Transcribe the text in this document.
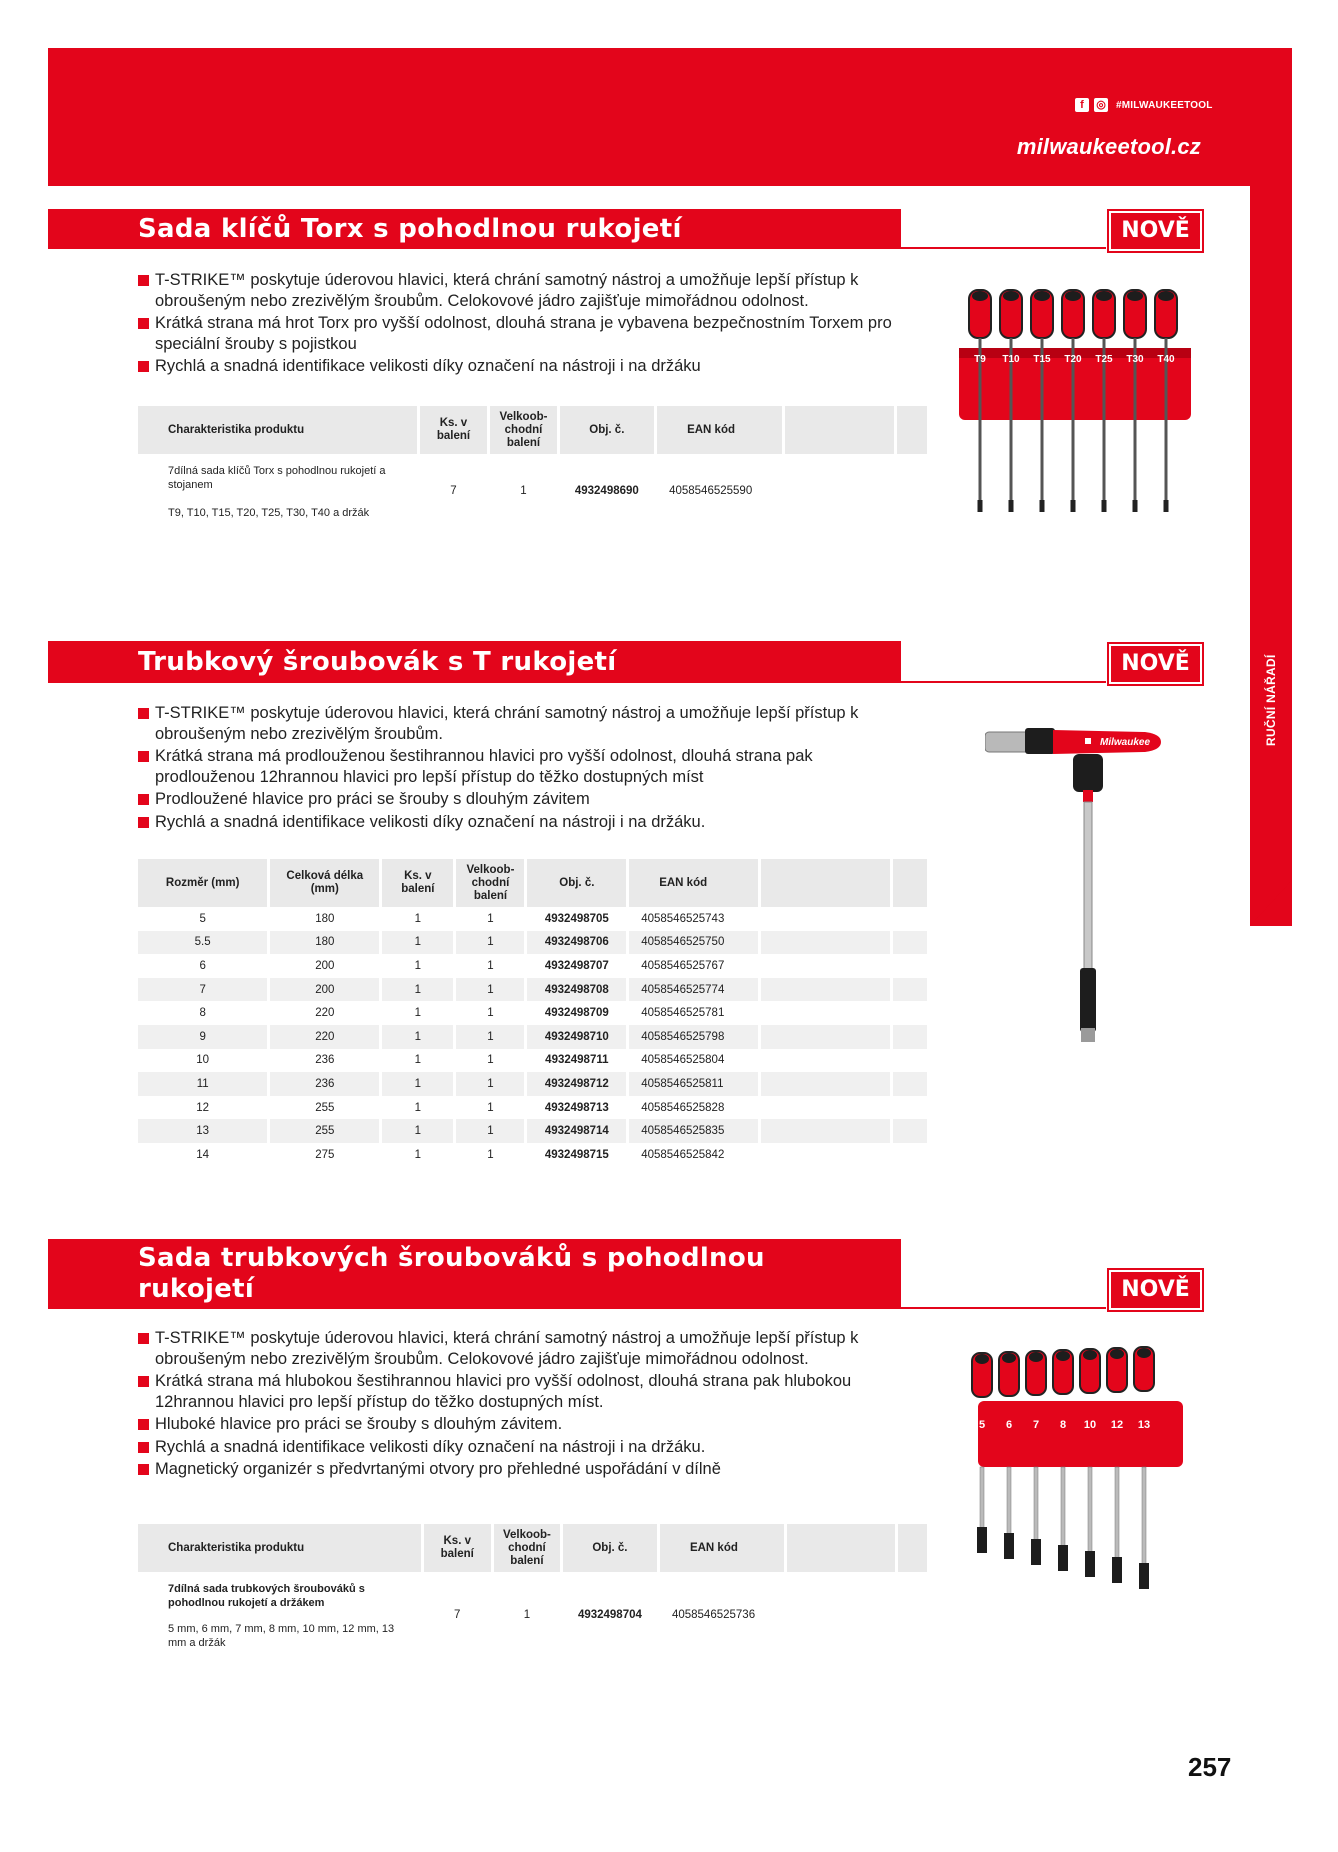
f	◎ #MILWAUKEETOOL
milwaukeetool.cz
RUČNÍ NÁŘADÍ
Sada klíčů Torx s pohodlnou rukojetí	NOVĚ
T-STRIKE™ poskytuje úderovou hlavici, která chrání samotný nástroj a umožňuje lepší přístup k obroušeným nebo zrezivělým šroubům. Celokovové jádro zajišťuje mimořádnou odolnost.
Krátká strana má hrot Torx pro vyšší odolnost, dlouhá strana je vybavena bezpečnostním Torxem pro speciální šrouby s pojistkou
Rychlá a snadná identifikace velikosti díky označení na nástroji i na držáku
Charakteristika produktu	Ks. v balení	Velkoob-chodní balení	Obj. č.	EAN kód		

7dílná sada klíčů Torx s pohodlnou rukojetí a stojanem
T9, T10, T15, T20, T25, T30, T40 a držák	7	1	4932498690	4058546525590		
T9 T10 T15 T20 T25 T30 T40
Trubkový šroubovák s T rukojetí	NOVĚ
T-STRIKE™ poskytuje úderovou hlavici, která chrání samotný nástroj a umožňuje lepší přístup k obroušeným nebo zrezivělým šroubům.
Krátká strana má prodlouženou šestihrannou hlavici pro vyšší odolnost, dlouhá strana pak prodlouženou 12hrannou hlavici pro lepší přístup do těžko dostupných míst
Prodloužené hlavice pro práci se šrouby s dlouhým závitem
Rychlá a snadná identifikace velikosti díky označení na nástroji i na držáku.
Rozměr (mm)	Celková délka (mm)	Ks. v balení	Velkoob-chodní balení	Obj. č.	EAN kód		
5	180	1	1	4932498705	4058546525743		
5.5	180	1	1	4932498706	4058546525750		
6	200	1	1	4932498707	4058546525767		
7	200	1	1	4932498708	4058546525774		
8	220	1	1	4932498709	4058546525781		
9	220	1	1	4932498710	4058546525798		
10	236	1	1	4932498711	4058546525804		
11	236	1	1	4932498712	4058546525811		
12	255	1	1	4932498713	4058546525828		
13	255	1	1	4932498714	4058546525835		
14	275	1	1	4932498715	4058546525842		
Milwaukee
Sada trubkových šroubováků s pohodlnou rukojetí	NOVĚ
T-STRIKE™ poskytuje úderovou hlavici, která chrání samotný nástroj a umožňuje lepší přístup k obroušeným nebo zrezivělým šroubům. Celokovové jádro zajišťuje mimořádnou odolnost.
Krátká strana má hlubokou šestihrannou hlavici pro vyšší odolnost, dlouhá strana pak hlubokou 12hrannou hlavici pro lepší přístup do těžko dostupných míst.
Hluboké hlavice pro práci se šrouby s dlouhým závitem.
Rychlá a snadná identifikace velikosti díky označení na nástroji i na držáku.
Magnetický organizér s předvrtanými otvory pro přehledné uspořádání v dílně
Charakteristika produktu	Ks. v balení	Velkoob-chodní balení	Obj. č.	EAN kód		

7dílná sada trubkových šroubováků s pohodlnou rukojetí a držákem
5 mm, 6 mm, 7 mm, 8 mm, 10 mm, 12 mm, 13 mm a držák	7	1	4932498704	4058546525736		
5 6 7 8 10 12 13
257
